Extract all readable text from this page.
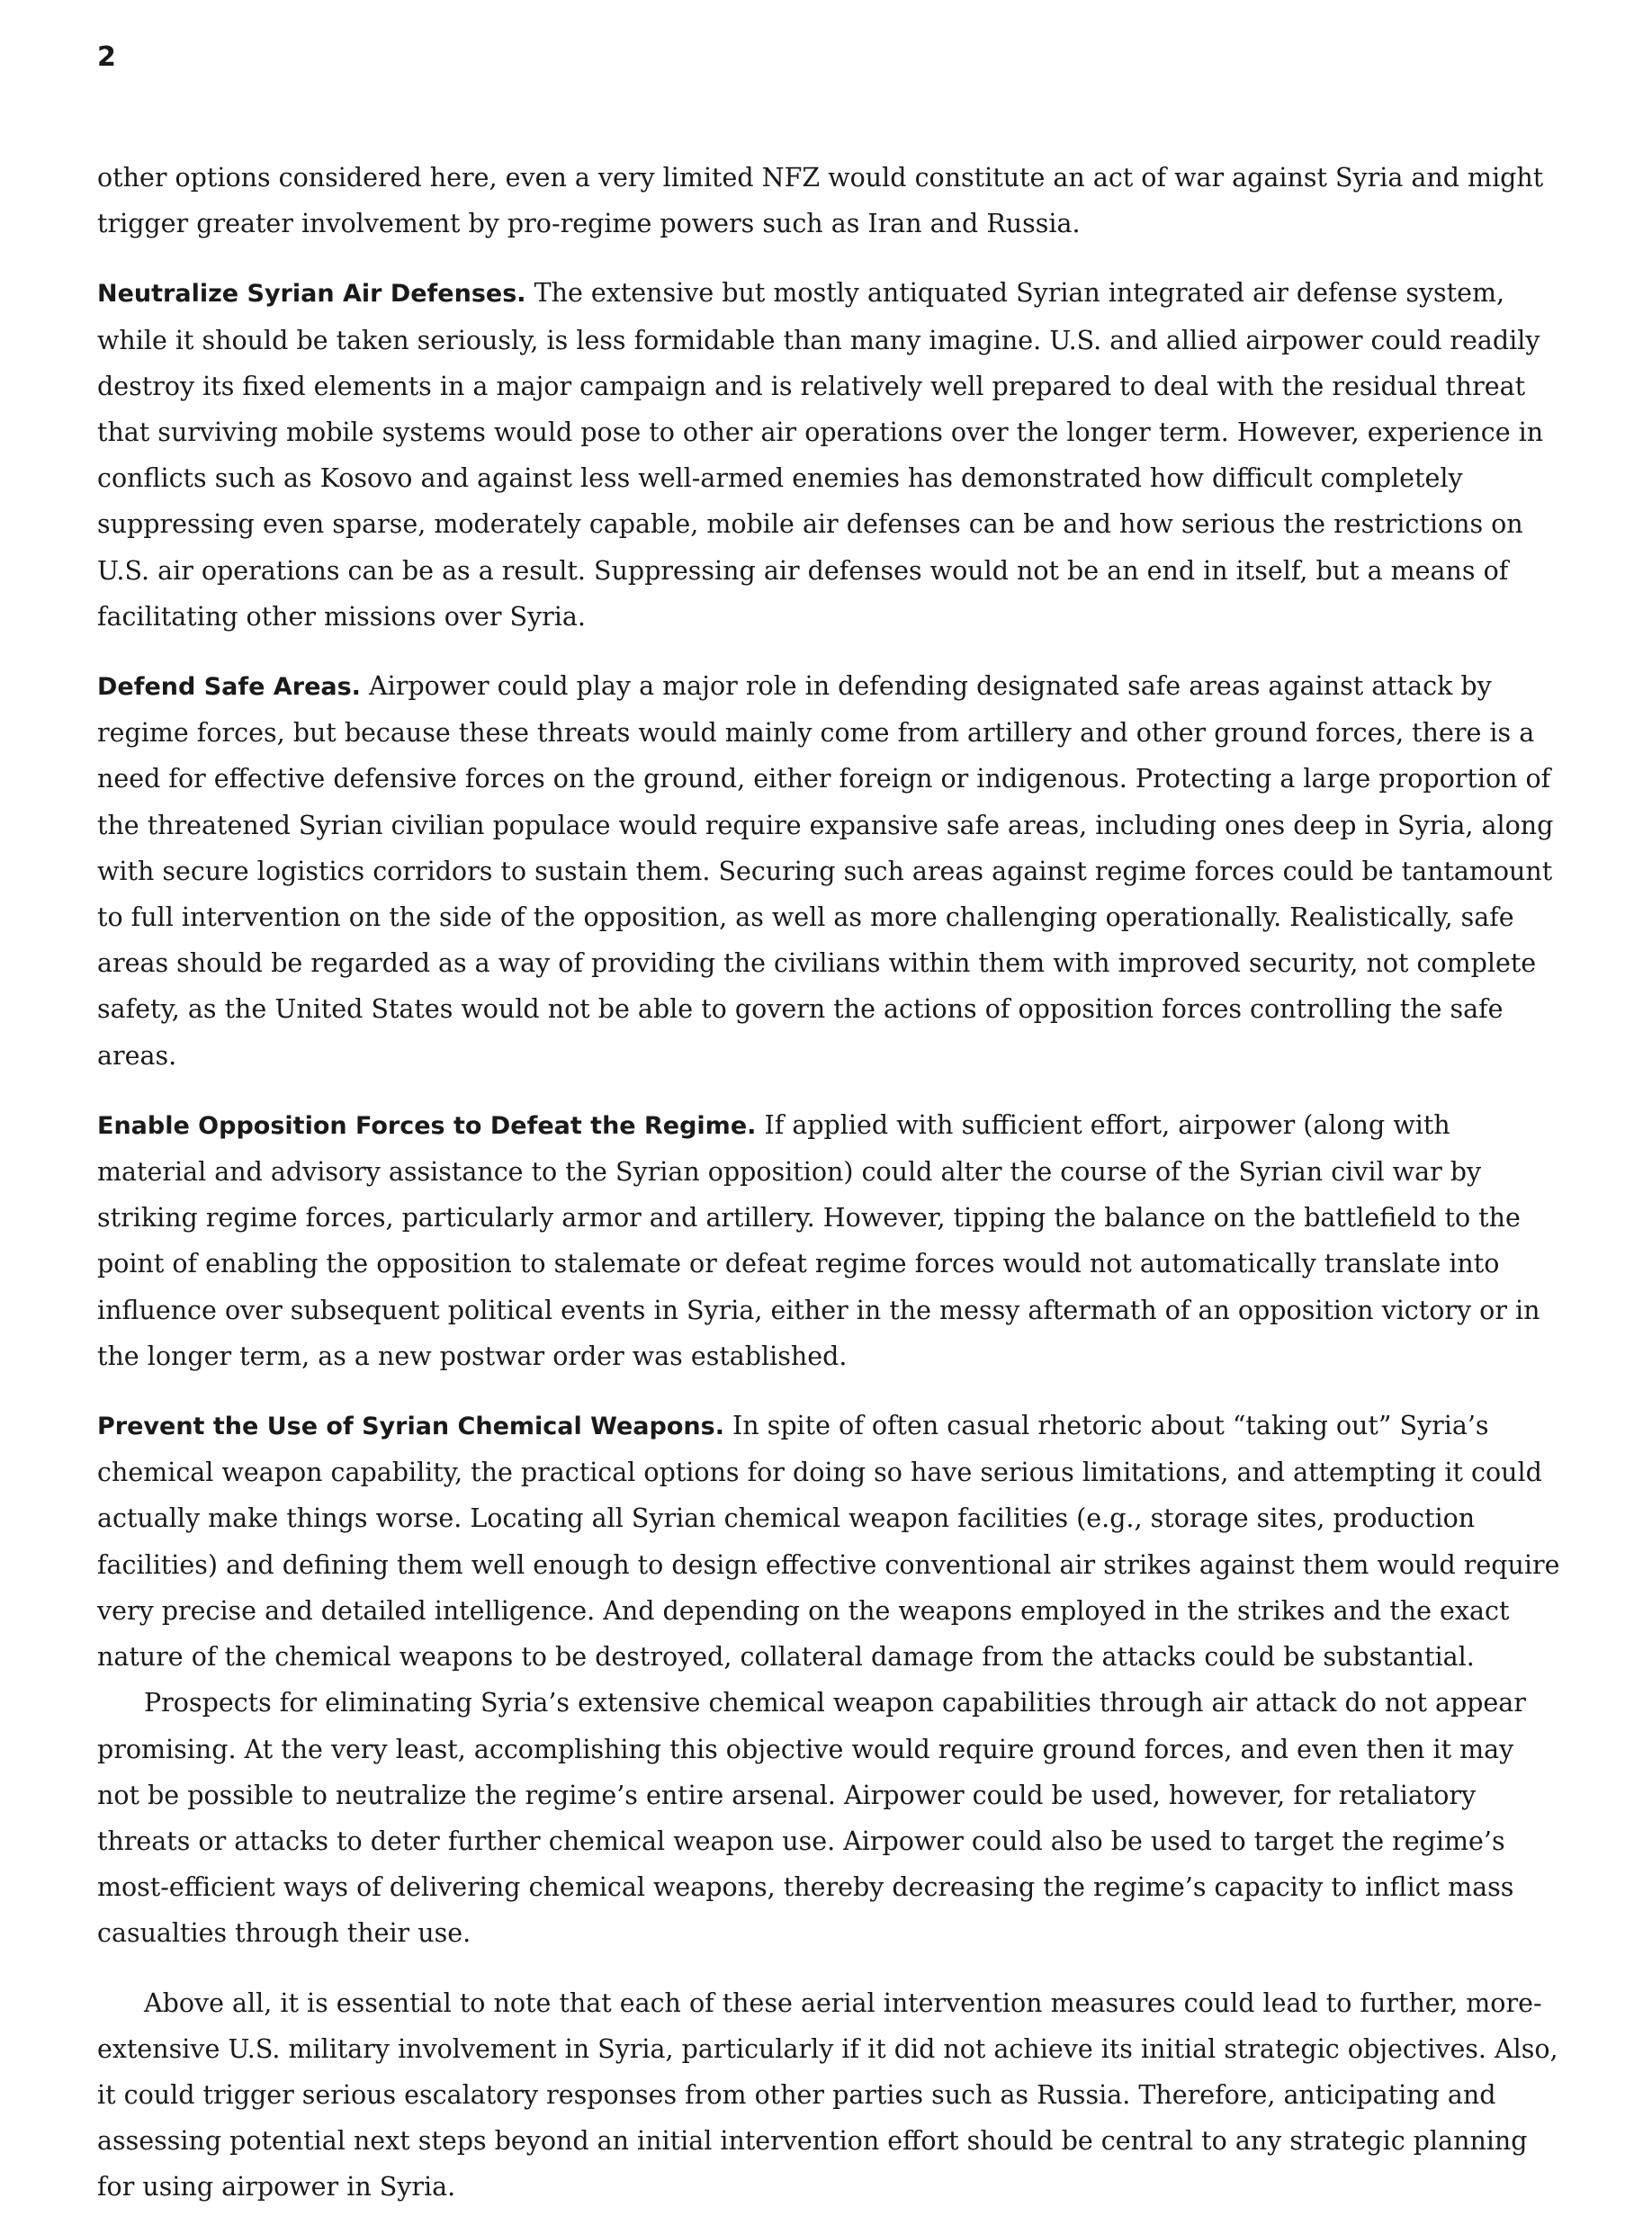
2

other options considered here, even a very limited NFZ would constitute an act of war against Syria and might trigger greater involvement by pro-regime powers such as Iran and Russia.

Neutralize Syrian Air Defenses. The extensive but mostly antiquated Syrian integrated air defense system, while it should be taken seriously, is less formidable than many imagine. U.S. and allied airpower could readily destroy its fixed elements in a major campaign and is relatively well prepared to deal with the residual threat that surviving mobile systems would pose to other air operations over the longer term. However, experience in conflicts such as Kosovo and against less well-armed enemies has demonstrated how difficult completely suppressing even sparse, moderately capable, mobile air defenses can be and how serious the restrictions on U.S. air operations can be as a result. Suppressing air defenses would not be an end in itself, but a means of facilitating other missions over Syria.

Defend Safe Areas. Airpower could play a major role in defending designated safe areas against attack by regime forces, but because these threats would mainly come from artillery and other ground forces, there is a need for effective defensive forces on the ground, either foreign or indigenous. Protecting a large proportion of the threatened Syrian civilian populace would require expansive safe areas, including ones deep in Syria, along with secure logistics corridors to sustain them. Securing such areas against regime forces could be tantamount to full intervention on the side of the opposition, as well as more challenging operationally. Realistically, safe areas should be regarded as a way of providing the civilians within them with improved security, not complete safety, as the United States would not be able to govern the actions of opposition forces controlling the safe areas.

Enable Opposition Forces to Defeat the Regime. If applied with sufficient effort, airpower (along with material and advisory assistance to the Syrian opposition) could alter the course of the Syrian civil war by striking regime forces, particularly armor and artillery. However, tipping the balance on the battlefield to the point of enabling the opposition to stalemate or defeat regime forces would not automatically translate into influence over subsequent political events in Syria, either in the messy aftermath of an opposition victory or in the longer term, as a new postwar order was established.

Prevent the Use of Syrian Chemical Weapons. In spite of often casual rhetoric about “taking out” Syria’s chemical weapon capability, the practical options for doing so have serious limitations, and attempting it could actually make things worse. Locating all Syrian chemical weapon facilities (e.g., storage sites, production facilities) and defining them well enough to design effective conventional air strikes against them would require very precise and detailed intelligence. And depending on the weapons employed in the strikes and the exact nature of the chemical weapons to be destroyed, collateral damage from the attacks could be substantial.

Prospects for eliminating Syria’s extensive chemical weapon capabilities through air attack do not appear promising. At the very least, accomplishing this objective would require ground forces, and even then it may not be possible to neutralize the regime’s entire arsenal. Airpower could be used, however, for retaliatory threats or attacks to deter further chemical weapon use. Airpower could also be used to target the regime’s most-efficient ways of delivering chemical weapons, thereby decreasing the regime’s capacity to inflict mass casualties through their use.

Above all, it is essential to note that each of these aerial intervention measures could lead to further, more-extensive U.S. military involvement in Syria, particularly if it did not achieve its initial strategic objectives. Also, it could trigger serious escalatory responses from other parties such as Russia. Therefore, anticipating and assessing potential next steps beyond an initial intervention effort should be central to any strategic planning for using airpower in Syria.
